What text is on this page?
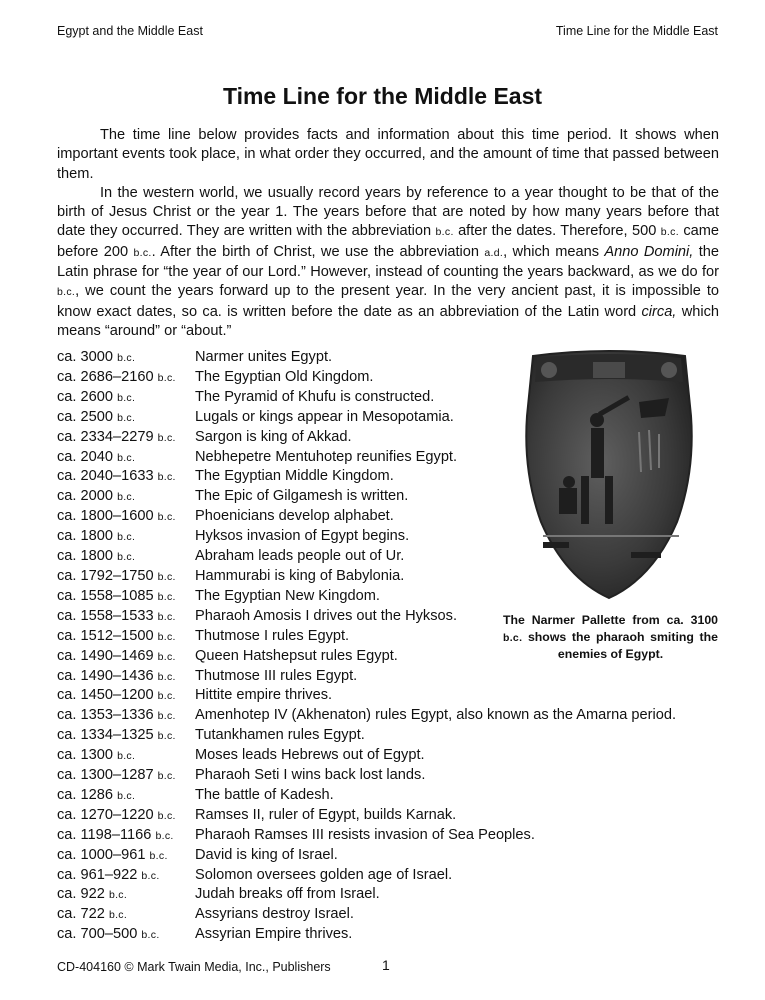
Egypt and the Middle East	Time Line for the Middle East
Time Line for the Middle East

The time line below provides facts and information about this time period. It shows when important events took place, in what order they occurred, and the amount of time that passed between them.

In the western world, we usually record years by reference to a year thought to be that of the birth of Jesus Christ or the year 1. The years before that are noted by how many years before that date they occurred. They are written with the abbreviation b.c. after the dates. Therefore, 500 b.c. came before 200 b.c.. After the birth of Christ, we use the abbreviation a.d., which means Anno Domini, the Latin phrase for “the year of our Lord.” However, instead of counting the years backward, as we do for b.c., we count the years forward up to the present year. In the very ancient past, it is impossible to know exact dates, so ca. is written before the date as an abbreviation of the Latin word circa, which means “around” or “about.”

ca. 3000 b.c.	Narmer unites Egypt.
ca. 2686–2160 b.c.	The Egyptian Old Kingdom.
ca. 2600 b.c.	The Pyramid of Khufu is constructed.
ca. 2500 b.c.	Lugals or kings appear in Mesopotamia.
ca. 2334–2279 b.c.	Sargon is king of Akkad.
ca. 2040 b.c.	Nebhepetre Mentuhotep reunifies Egypt.
ca. 2040–1633 b.c.	The Egyptian Middle Kingdom.
ca. 2000 b.c.	The Epic of Gilgamesh is written.
ca. 1800–1600 b.c.	Phoenicians develop alphabet.
ca. 1800 b.c.	Hyksos invasion of Egypt begins.
ca. 1800 b.c.	Abraham leads people out of Ur.
ca. 1792–1750 b.c.	Hammurabi is king of Babylonia.
ca. 1558–1085 b.c.	The Egyptian New Kingdom.
ca. 1558–1533 b.c.	Pharaoh Amosis I drives out the Hyksos.
ca. 1512–1500 b.c.	Thutmose I rules Egypt.
ca. 1490–1469 b.c.	Queen Hatshepsut rules Egypt.
ca. 1490–1436 b.c.	Thutmose III rules Egypt.
ca. 1450–1200 b.c.	Hittite empire thrives.
ca. 1353–1336 b.c.	Amenhotep IV (Akhenaton) rules Egypt, also known as the Amarna period.
ca. 1334–1325 b.c.	Tutankhamen rules Egypt.
ca. 1300 b.c.	Moses leads Hebrews out of Egypt.
ca. 1300–1287 b.c.	Pharaoh Seti I wins back lost lands.
ca. 1286 b.c.	The battle of Kadesh.
ca. 1270–1220 b.c.	Ramses II, ruler of Egypt, builds Karnak.
ca. 1198–1166 b.c.	Pharaoh Ramses III resists invasion of Sea Peoples.
ca. 1000–961 b.c.	David is king of Israel.
ca. 961–922 b.c.	Solomon oversees golden age of Israel.
ca. 922 b.c.	Judah breaks off from Israel.
ca. 722 b.c.	Assyrians destroy Israel.
ca. 700–500 b.c.	Assyrian Empire thrives.
The Narmer Pallette from ca. 3100 b.c. shows the pharaoh smiting the enemies of Egypt.
CD-404160 © Mark Twain Media, Inc., Publishers	1
